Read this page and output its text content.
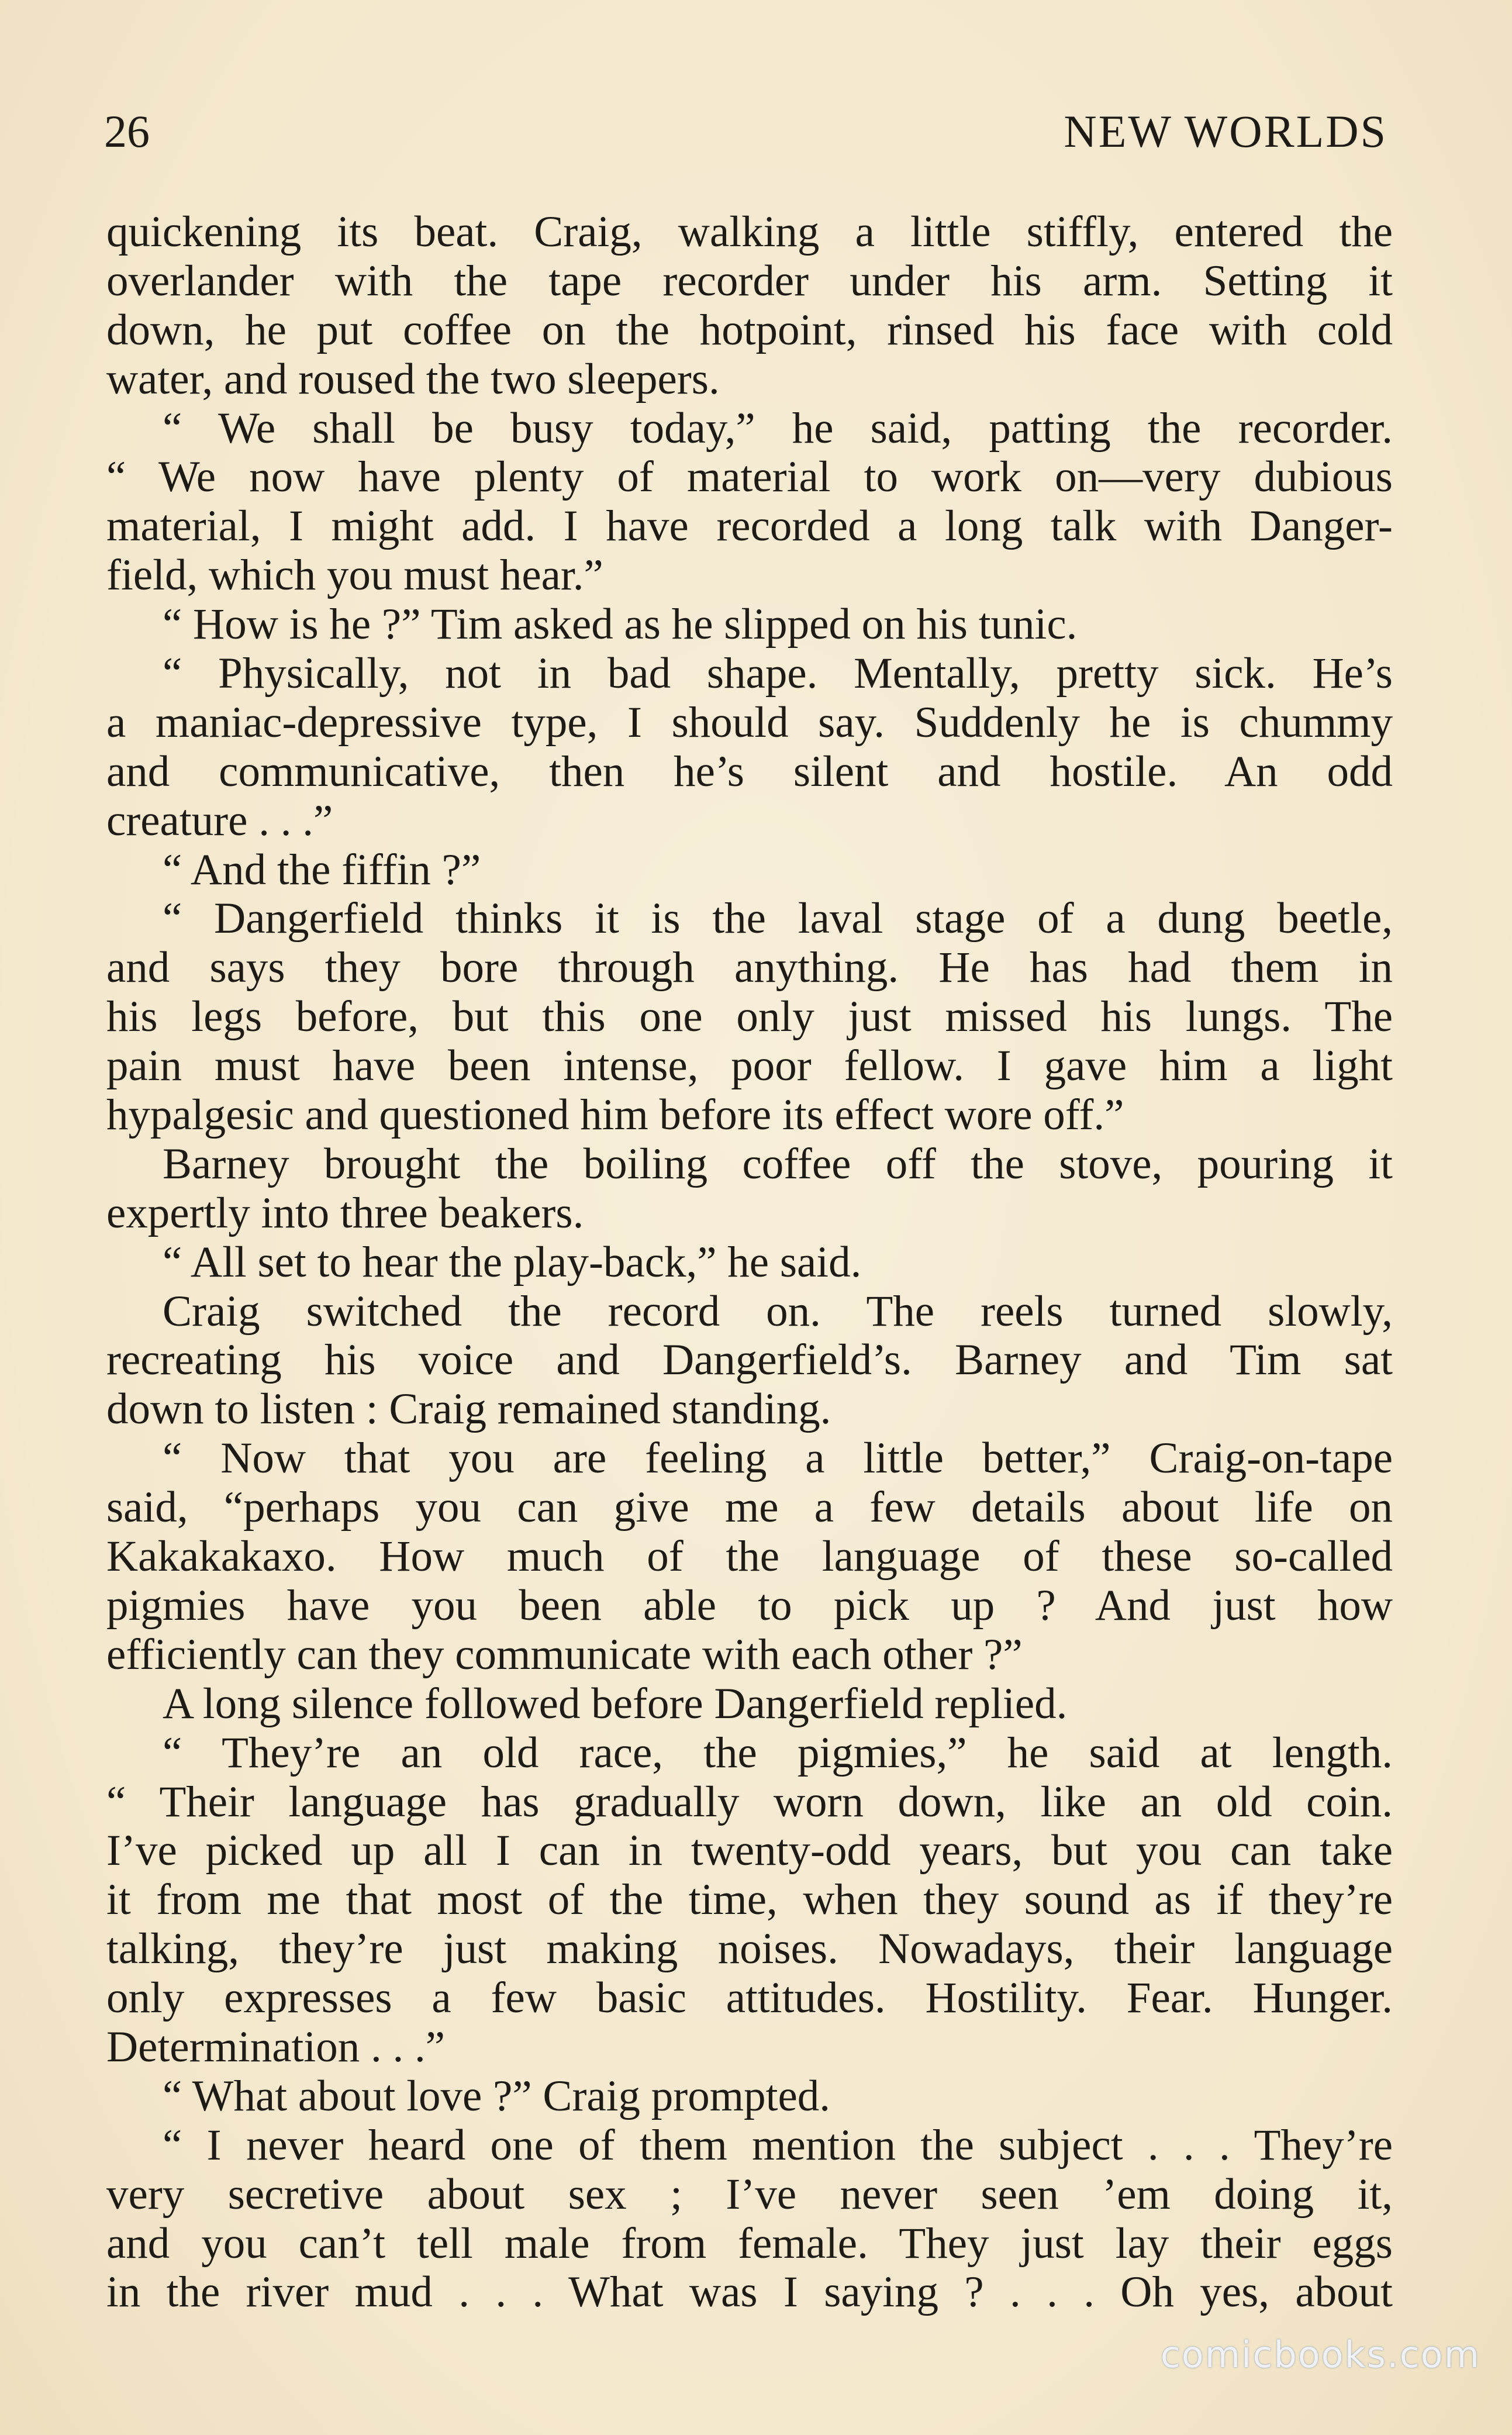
26	NEW WORLDS
quickening its beat. Craig, walking a little stiffly, entered the
overlander with the tape recorder under his arm. Setting it
down, he put coffee on the hotpoint, rinsed his face with cold
water, and roused the two sleepers.
“ We shall be busy today,” he said, patting the recorder.
“ We now have plenty of material to work on—very dubious
material, I might add. I have recorded a long talk with Danger-
field, which you must hear.”
“ How is he ?” Tim asked as he slipped on his tunic.
“ Physically, not in bad shape. Mentally, pretty sick. He’s
a maniac-depressive type, I should say. Suddenly he is chummy
and communicative, then he’s silent and hostile. An odd
creature . . .”
“ And the fiffin ?”
“ Dangerfield thinks it is the laval stage of a dung beetle,
and says they bore through anything. He has had them in
his legs before, but this one only just missed his lungs. The
pain must have been intense, poor fellow. I gave him a light
hypalgesic and questioned him before its effect wore off.”
Barney brought the boiling coffee off the stove, pouring it
expertly into three beakers.
“ All set to hear the play-back,” he said.
Craig switched the record on. The reels turned slowly,
recreating his voice and Dangerfield’s. Barney and Tim sat
down to listen : Craig remained standing.
“ Now that you are feeling a little better,” Craig-on-tape
said, “perhaps you can give me a few details about life on
Kakakakaxo. How much of the language of these so-called
pigmies have you been able to pick up ? And just how
efficiently can they communicate with each other ?”
A long silence followed before Dangerfield replied.
“ They’re an old race, the pigmies,” he said at length.
“ Their language has gradually worn down, like an old coin.
I’ve picked up all I can in twenty-odd years, but you can take
it from me that most of the time, when they sound as if they’re
talking, they’re just making noises. Nowadays, their language
only expresses a few basic attitudes. Hostility. Fear. Hunger.
Determination . . .”
“ What about love ?” Craig prompted.
“ I never heard one of them mention the subject . . . They’re
very secretive about sex ; I’ve never seen ’em doing it,
and you can’t tell male from female. They just lay their eggs
in the river mud . . . What was I saying ? . . . Oh yes, about
comicbooks.com
